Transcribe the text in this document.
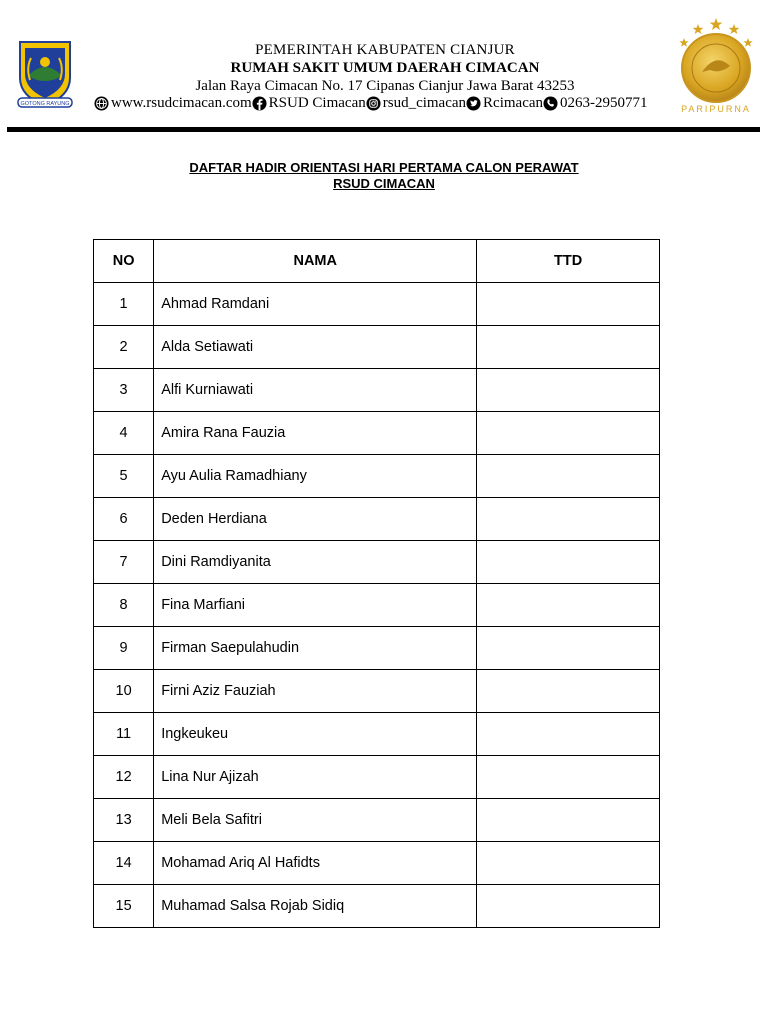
GOTONG RAYUNG
PEMERINTAH KABUPATEN CIANJUR
RUMAH SAKIT UMUM DAERAH CIMACAN
Jalan Raya Cimacan No. 17 Cipanas Cianjur Jawa Barat 43253
www.rsudcimacan.com RSUD Cimacan rsud_cimacan Rcimacan 0263-2950771	PARIPURNA
DAFTAR HADIR ORIENTASI HARI PERTAMA CALON PERAWAT
RSUD CIMACAN
NO	NAMA	TTD
1	Ahmad Ramdani	
2	Alda Setiawati	
3	Alfi Kurniawati	
4	Amira Rana Fauzia	
5	Ayu Aulia Ramadhiany	
6	Deden Herdiana	
7	Dini Ramdiyanita	
8	Fina Marfiani	
9	Firman Saepulahudin	
10	Firni Aziz Fauziah	
11	Ingkeukeu	
12	Lina Nur Ajizah	
13	Meli Bela Safitri	
14	Mohamad Ariq Al Hafidts	
15	Muhamad Salsa Rojab Sidiq	
